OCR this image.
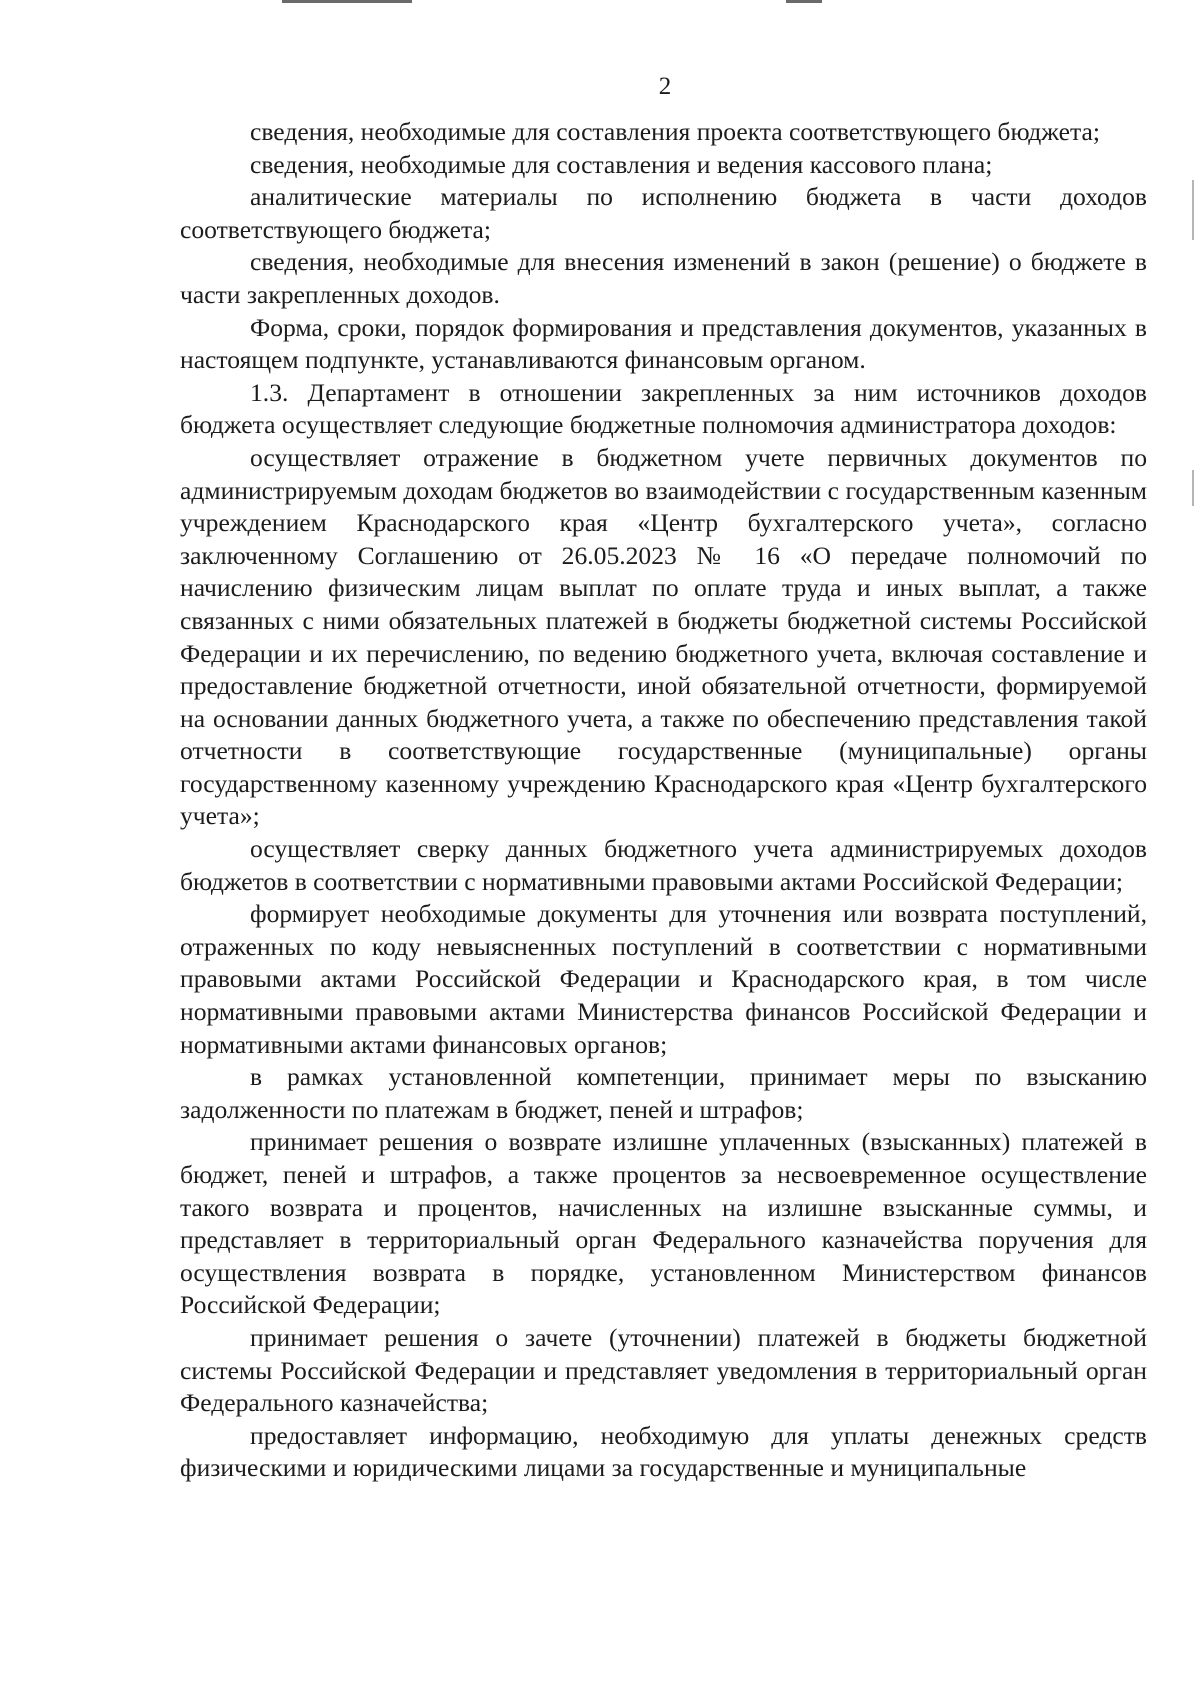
2

сведения, необходимые для составления проекта соответствующего бюджета;

сведения, необходимые для составления и ведения кассового плана;

аналитические материалы по исполнению бюджета в части доходов соответствующего бюджета;

сведения, необходимые для внесения изменений в закон (решение) о бюджете в части закрепленных доходов.

Форма, сроки, порядок формирования и представления документов, указанных в настоящем подпункте, устанавливаются финансовым органом.

1.3. Департамент в отношении закрепленных за ним источников доходов бюджета осуществляет следующие бюджетные полномочия администратора доходов:

осуществляет отражение в бюджетном учете первичных документов по администрируемым доходам бюджетов во взаимодействии с государственным казенным учреждением Краснодарского края «Центр бухгалтерского учета», согласно заключенному Соглашению от 26.05.2023 № 16 «О передаче полномочий по начислению физическим лицам выплат по оплате труда и иных выплат, а также связанных с ними обязательных платежей в бюджеты бюджетной системы Российской Федерации и их перечислению, по ведению бюджетного учета, включая составление и предоставление бюджетной отчетности, иной обязательной отчетности, формируемой на основании данных бюджетного учета, а также по обеспечению представления такой отчетности в соответствующие государственные (муниципальные) органы государственному казенному учреждению Краснодарского края «Центр бухгалтерского учета»;

осуществляет сверку данных бюджетного учета администрируемых доходов бюджетов в соответствии с нормативными правовыми актами Российской Федерации;

формирует необходимые документы для уточнения или возврата поступлений, отраженных по коду невыясненных поступлений в соответствии с нормативными правовыми актами Российской Федерации и Краснодарского края, в том числе нормативными правовыми актами Министерства финансов Российской Федерации и нормативными актами финансовых органов;

в рамках установленной компетенции, принимает меры по взысканию задолженности по платежам в бюджет, пеней и штрафов;

принимает решения о возврате излишне уплаченных (взысканных) платежей в бюджет, пеней и штрафов, а также процентов за несвоевременное осуществление такого возврата и процентов, начисленных на излишне взысканные суммы, и представляет в территориальный орган Федерального казначейства поручения для осуществления возврата в порядке, установленном Министерством финансов Российской Федерации;

принимает решения о зачете (уточнении) платежей в бюджеты бюджетной системы Российской Федерации и представляет уведомления в территориальный орган Федерального казначейства;

предоставляет информацию, необходимую для уплаты денежных средств физическими и юридическими лицами за государственные и муниципальные
